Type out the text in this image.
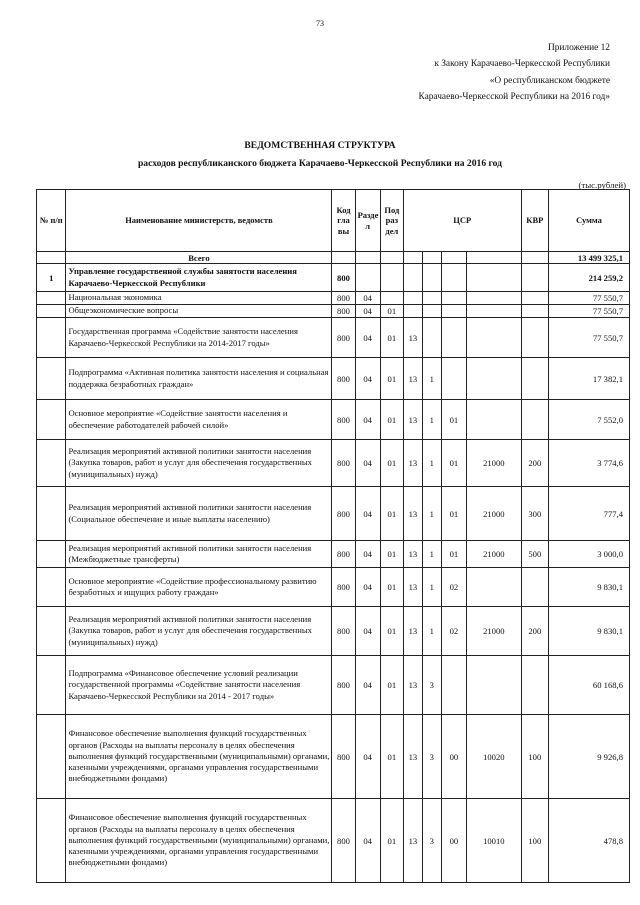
73
Приложение 12
к Закону Карачаево-Черкесской Республики
«О республиканском бюджете
Карачаево-Черкесской Республики на 2016 год»
ВЕДОМСТВЕННАЯ СТРУКТУРА
расходов республиканского бюджета Карачаево-Черкесской Республики на 2016 год
(тыс.рублей)
№ п/п	Наименование министерств, ведомств	Код гла вы	Разде л	Под раз дел	ЦСР				КВР	Сумма
	Всего									13 499 325,1
1	Управление государственной службы занятости населения Карачаево-Черкесской Республики	800								214 259,2
	Национальная экономика	800	04							77 550,7
	Общеэкономические вопросы	800	04	01						77 550,7
	Государственная программа «Содействие занятости населения Карачаево-Черкесской Республики на 2014-2017 годы»	800	04	01	13					77 550,7
	Подпрограмма «Активная политика занятости населения и социальная поддержка безработных граждан»	800	04	01	13	1				17 382,1
	Основное мероприятие «Содействие занятости населения и обеспечение работодателей рабочей силой»	800	04	01	13	1	01			7 552,0
	Реализация мероприятий активной политики занятости населения (Закупка товаров, работ и услуг для обеспечения государственных (муниципальных) нужд)	800	04	01	13	1	01	21000	200	3 774,6
	Реализация мероприятий активной политики занятости населения (Социальное обеспечение и иные выплаты населению)	800	04	01	13	1	01	21000	300	777,4
	Реализация мероприятий активной политики занятости населения (Межбюджетные трансферты)	800	04	01	13	1	01	21000	500	3 000,0
	Основное мероприятие «Содействие профессиональному развитию безработных и ищущих работу граждан»	800	04	01	13	1	02			9 830,1
	Реализация мероприятий активной политики занятости населения (Закупка товаров, работ и услуг для обеспечения государственных (муниципальных) нужд)	800	04	01	13	1	02	21000	200	9 830,1
	Подпрограмма «Финансовое обеспечение условий реализации государственной программы «Содействие занятости населения Карачаево-Черкесской Республики на 2014 - 2017 годы»	800	04	01	13	3				60 168,6
	Финансовое обеспечение выполнения функций государственных органов (Расходы на выплаты персоналу в целях обеспечения выполнения функций государственными (муниципальными) органами, казенными учреждениями, органами управления государственными внебюджетными фондами)	800	04	01	13	3	00	10020	100	9 926,8
	Финансовое обеспечение выполнения функций государственных органов (Расходы на выплаты персоналу в целях обеспечения выполнения функций государственными (муниципальными) органами, казенными учреждениями, органами управления государственными внебюджетными фондами)	800	04	01	13	3	00	10010	100	478,8
